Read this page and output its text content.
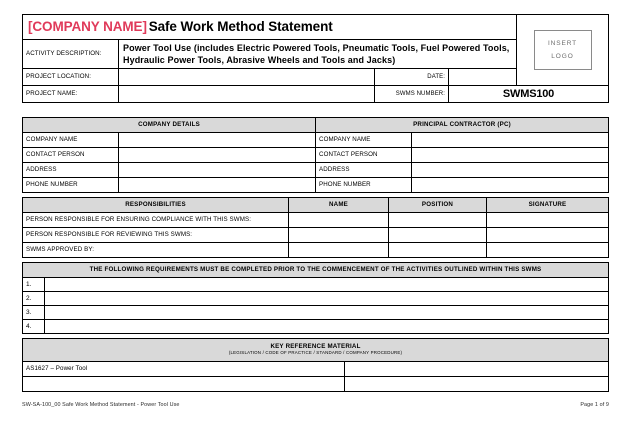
[COMPANY NAME] Safe Work Method Statement				INSERT
LOGO

ACTIVITY DESCRIPTION:	Power Tool Use (includes Electric Powered Tools, Pneumatic Tools, Fuel Powered Tools, Hydraulic Power Tools, Abrasive Wheels and Tools and Jacks)			
PROJECT LOCATION:		DATE:		
PROJECT NAME:		SWMS NUMBER:	SWMS100	
COMPANY DETAILS		PRINCIPAL CONTRACTOR (PC)	
COMPANY NAME		COMPANY NAME	
CONTACT PERSON		CONTACT PERSON	
ADDRESS		ADDRESS	
PHONE NUMBER		PHONE NUMBER	
RESPONSIBILITIES	NAME	POSITION	SIGNATURE
PERSON RESPONSIBLE FOR ENSURING COMPLIANCE WITH THIS SWMS:			
PERSON RESPONSIBLE FOR REVIEWING THIS SWMS:			
SWMS APPROVED BY:			
THE FOLLOWING REQUIREMENTS MUST BE COMPLETED PRIOR TO THE COMMENCEMENT OF THE ACTIVITIES OUTLINED WITHIN THIS SWMS	
1.	
2.	
3.	
4.	
KEY REFERENCE MATERIAL
(LEGISLATION / CODE OF PRACTICE / STANDARD / COMPANY PROCEDURE)	

AS1627 – Power Tool	

SW-SA-100_00 Safe Work Method Statement - Power Tool Use	Page 1 of 9
